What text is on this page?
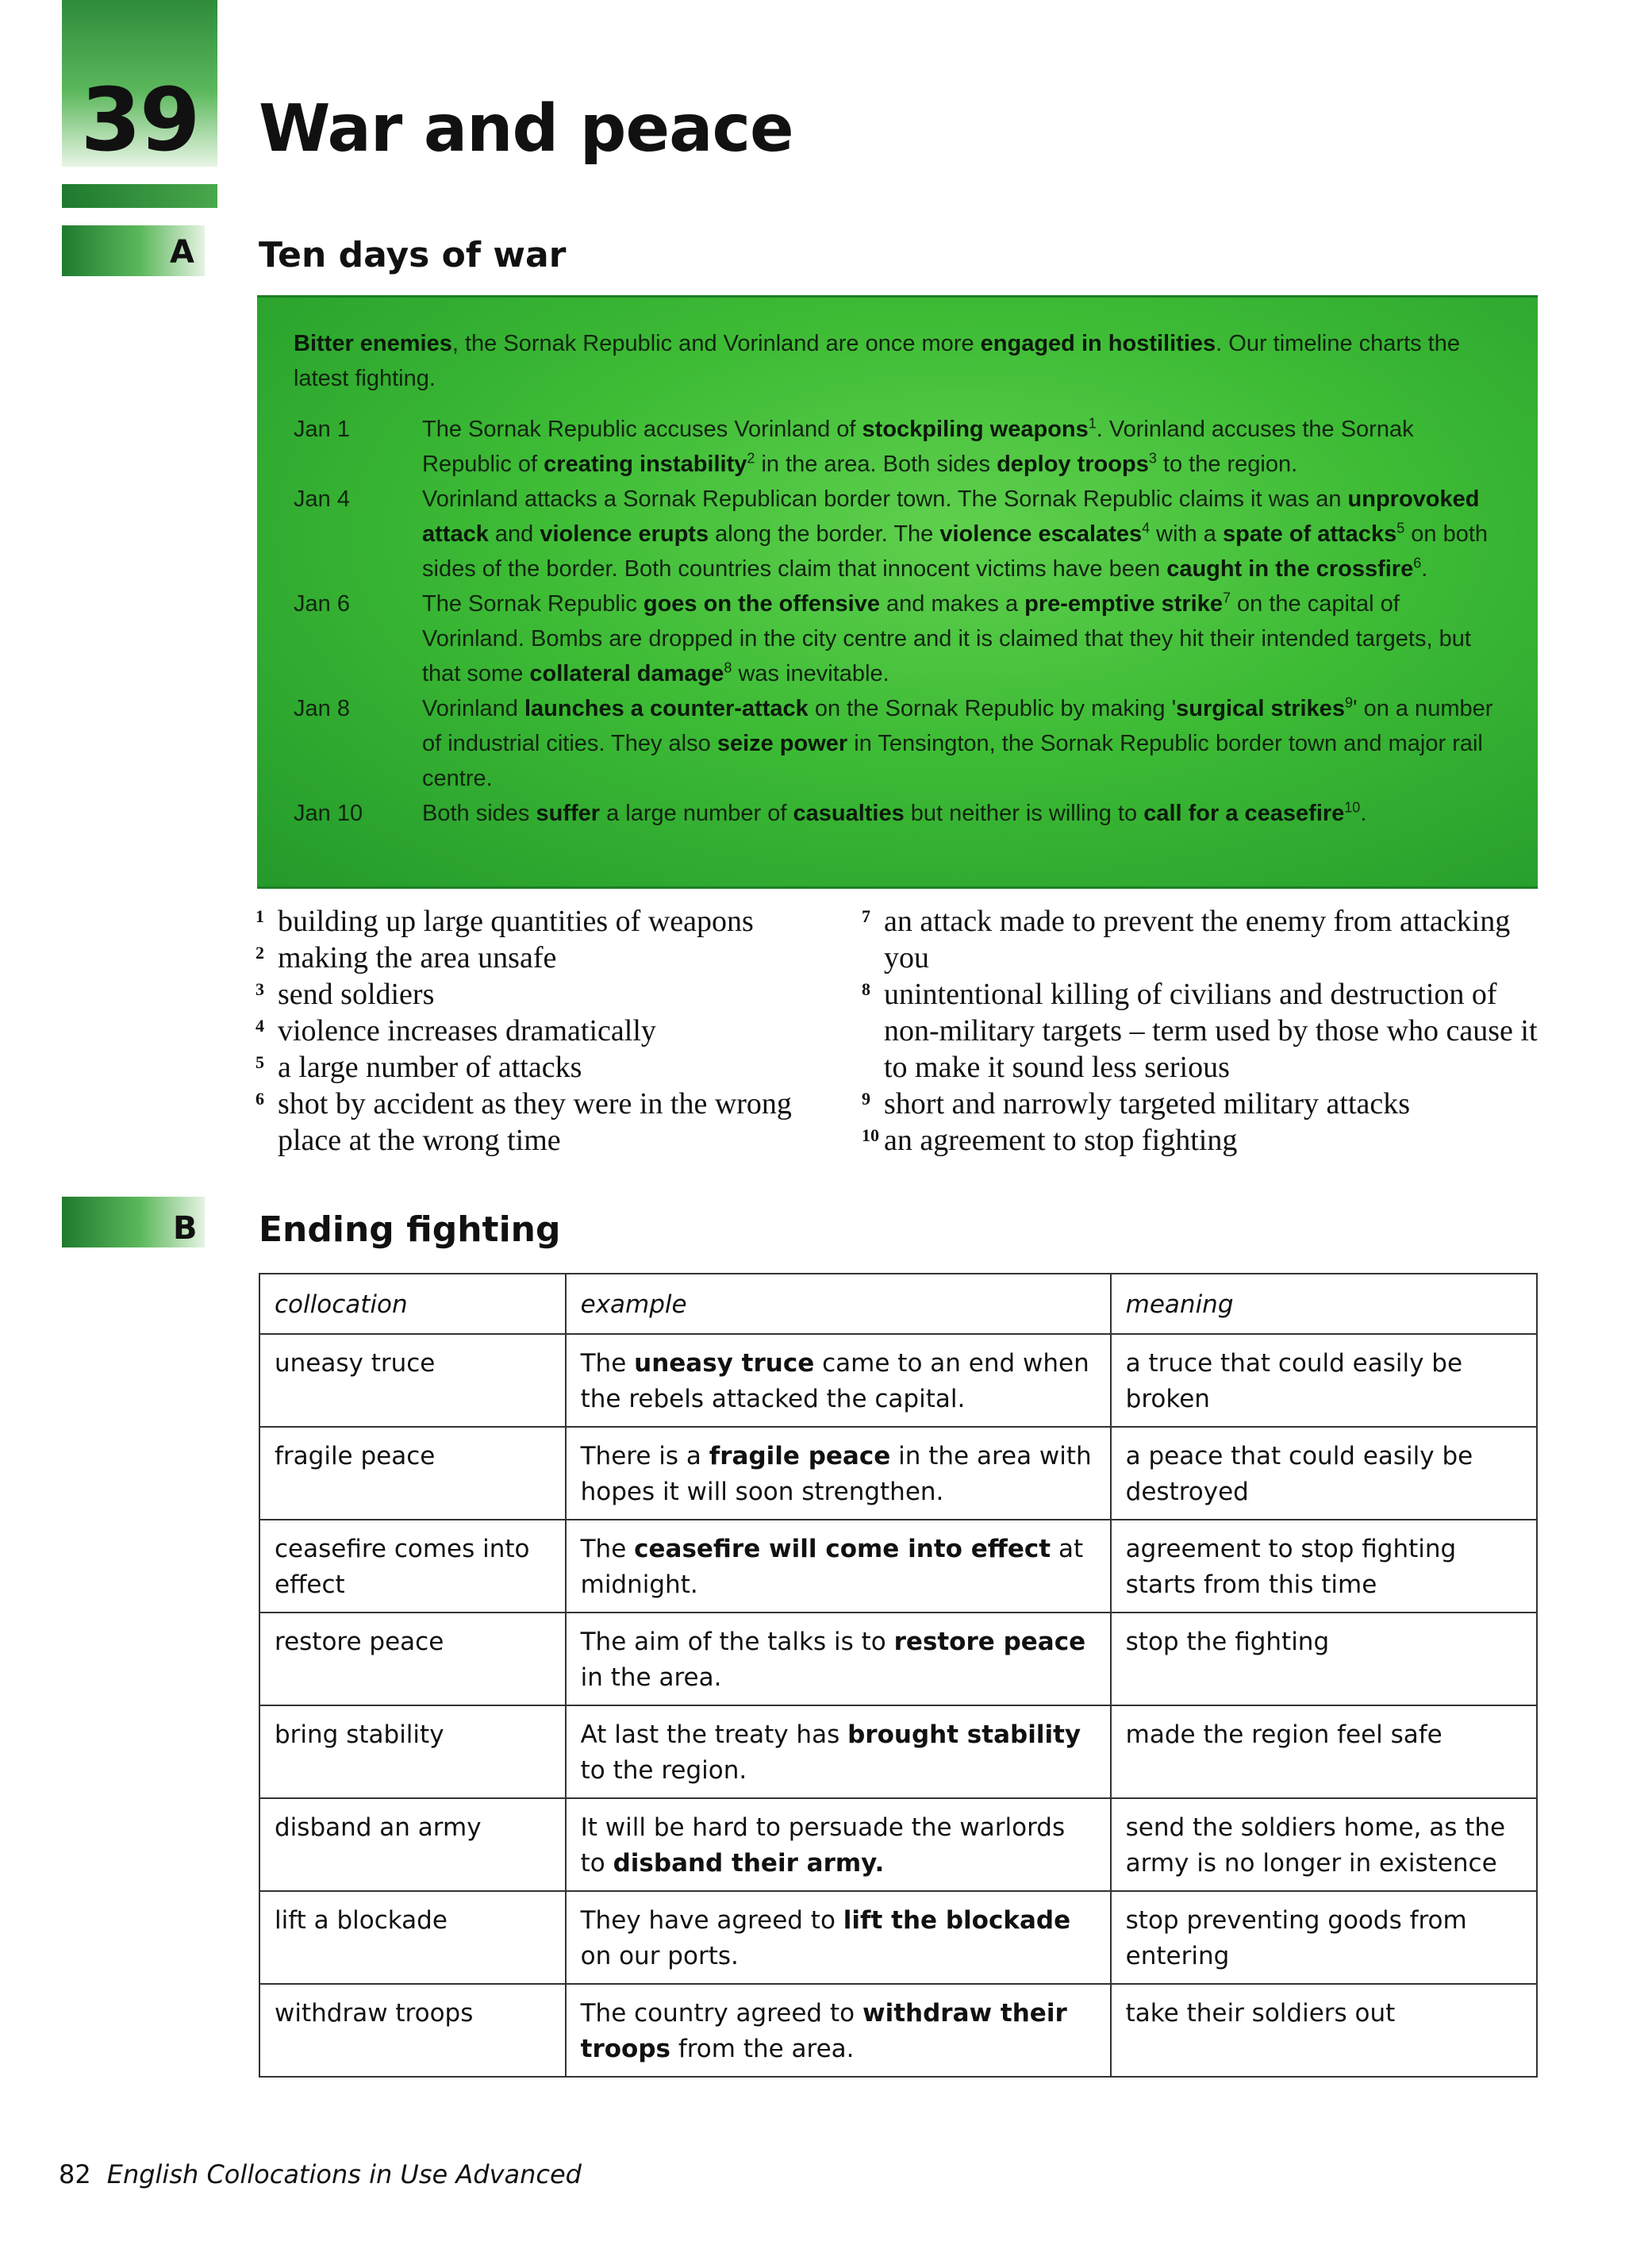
39 War and peace
A Ten days of war

Bitter enemies, the Sornak Republic and Vorinland are once more engaged in hostilities. Our timeline charts the latest fighting.

Jan 1	The Sornak Republic accuses Vorinland of stockpiling weapons$^1$. Vorinland accuses the Sornak Republic of creating instability$^2$ in the area. Both sides deploy troops$^3$ to the region.
Jan 4	Vorinland attacks a Sornak Republican border town. The Sornak Republic claims it was an unprovoked attack and violence erupts along the border. The violence escalates$^4$ with a spate of attacks$^5$ on both sides of the border. Both countries claim that innocent victims have been caught in the crossfire$^6$.
Jan 6	The Sornak Republic goes on the offensive and makes a pre-emptive strike$^7$ on the capital of Vorinland. Bombs are dropped in the city centre and it is claimed that they hit their intended targets, but that some collateral damage$^8$ was inevitable.
Jan 8	Vorinland launches a counter-attack on the Sornak Republic by making 'surgical strikes$^9$' on a number of industrial cities. They also seize power in Tensington, the Sornak Republic border town and major rail centre.
Jan 10	Both sides suffer a large number of casualties but neither is willing to call for a ceasefire$^{10}$.
1 building up large quantities of weapons
2 making the area unsafe
3 send soldiers
4 violence increases dramatically
5 a large number of attacks
6 shot by accident as they were in the wrong place at the wrong time
7 an attack made to prevent the enemy from attacking you
8 unintentional killing of civilians and destruction of non-military targets – term used by those who cause it to make it sound less serious
9 short and narrowly targeted military attacks
10 an agreement to stop fighting
B Ending fighting
collocation	example	meaning
uneasy truce	The uneasy truce came to an end when the rebels attacked the capital.	a truce that could easily be broken
fragile peace	There is a fragile peace in the area with hopes it will soon strengthen.	a peace that could easily be destroyed
ceasefire comes into effect	The ceasefire will come into effect at midnight.	agreement to stop fighting starts from this time
restore peace	The aim of the talks is to restore peace in the area.	stop the fighting
bring stability	At last the treaty has brought stability to the region.	made the region feel safe
disband an army	It will be hard to persuade the warlords to disband their army.	send the soldiers home, as the army is no longer in existence
lift a blockade	They have agreed to lift the blockade on our ports.	stop preventing goods from entering
withdraw troops	The country agreed to withdraw their troops from the area.	take their soldiers out
82 English Collocations in Use Advanced
